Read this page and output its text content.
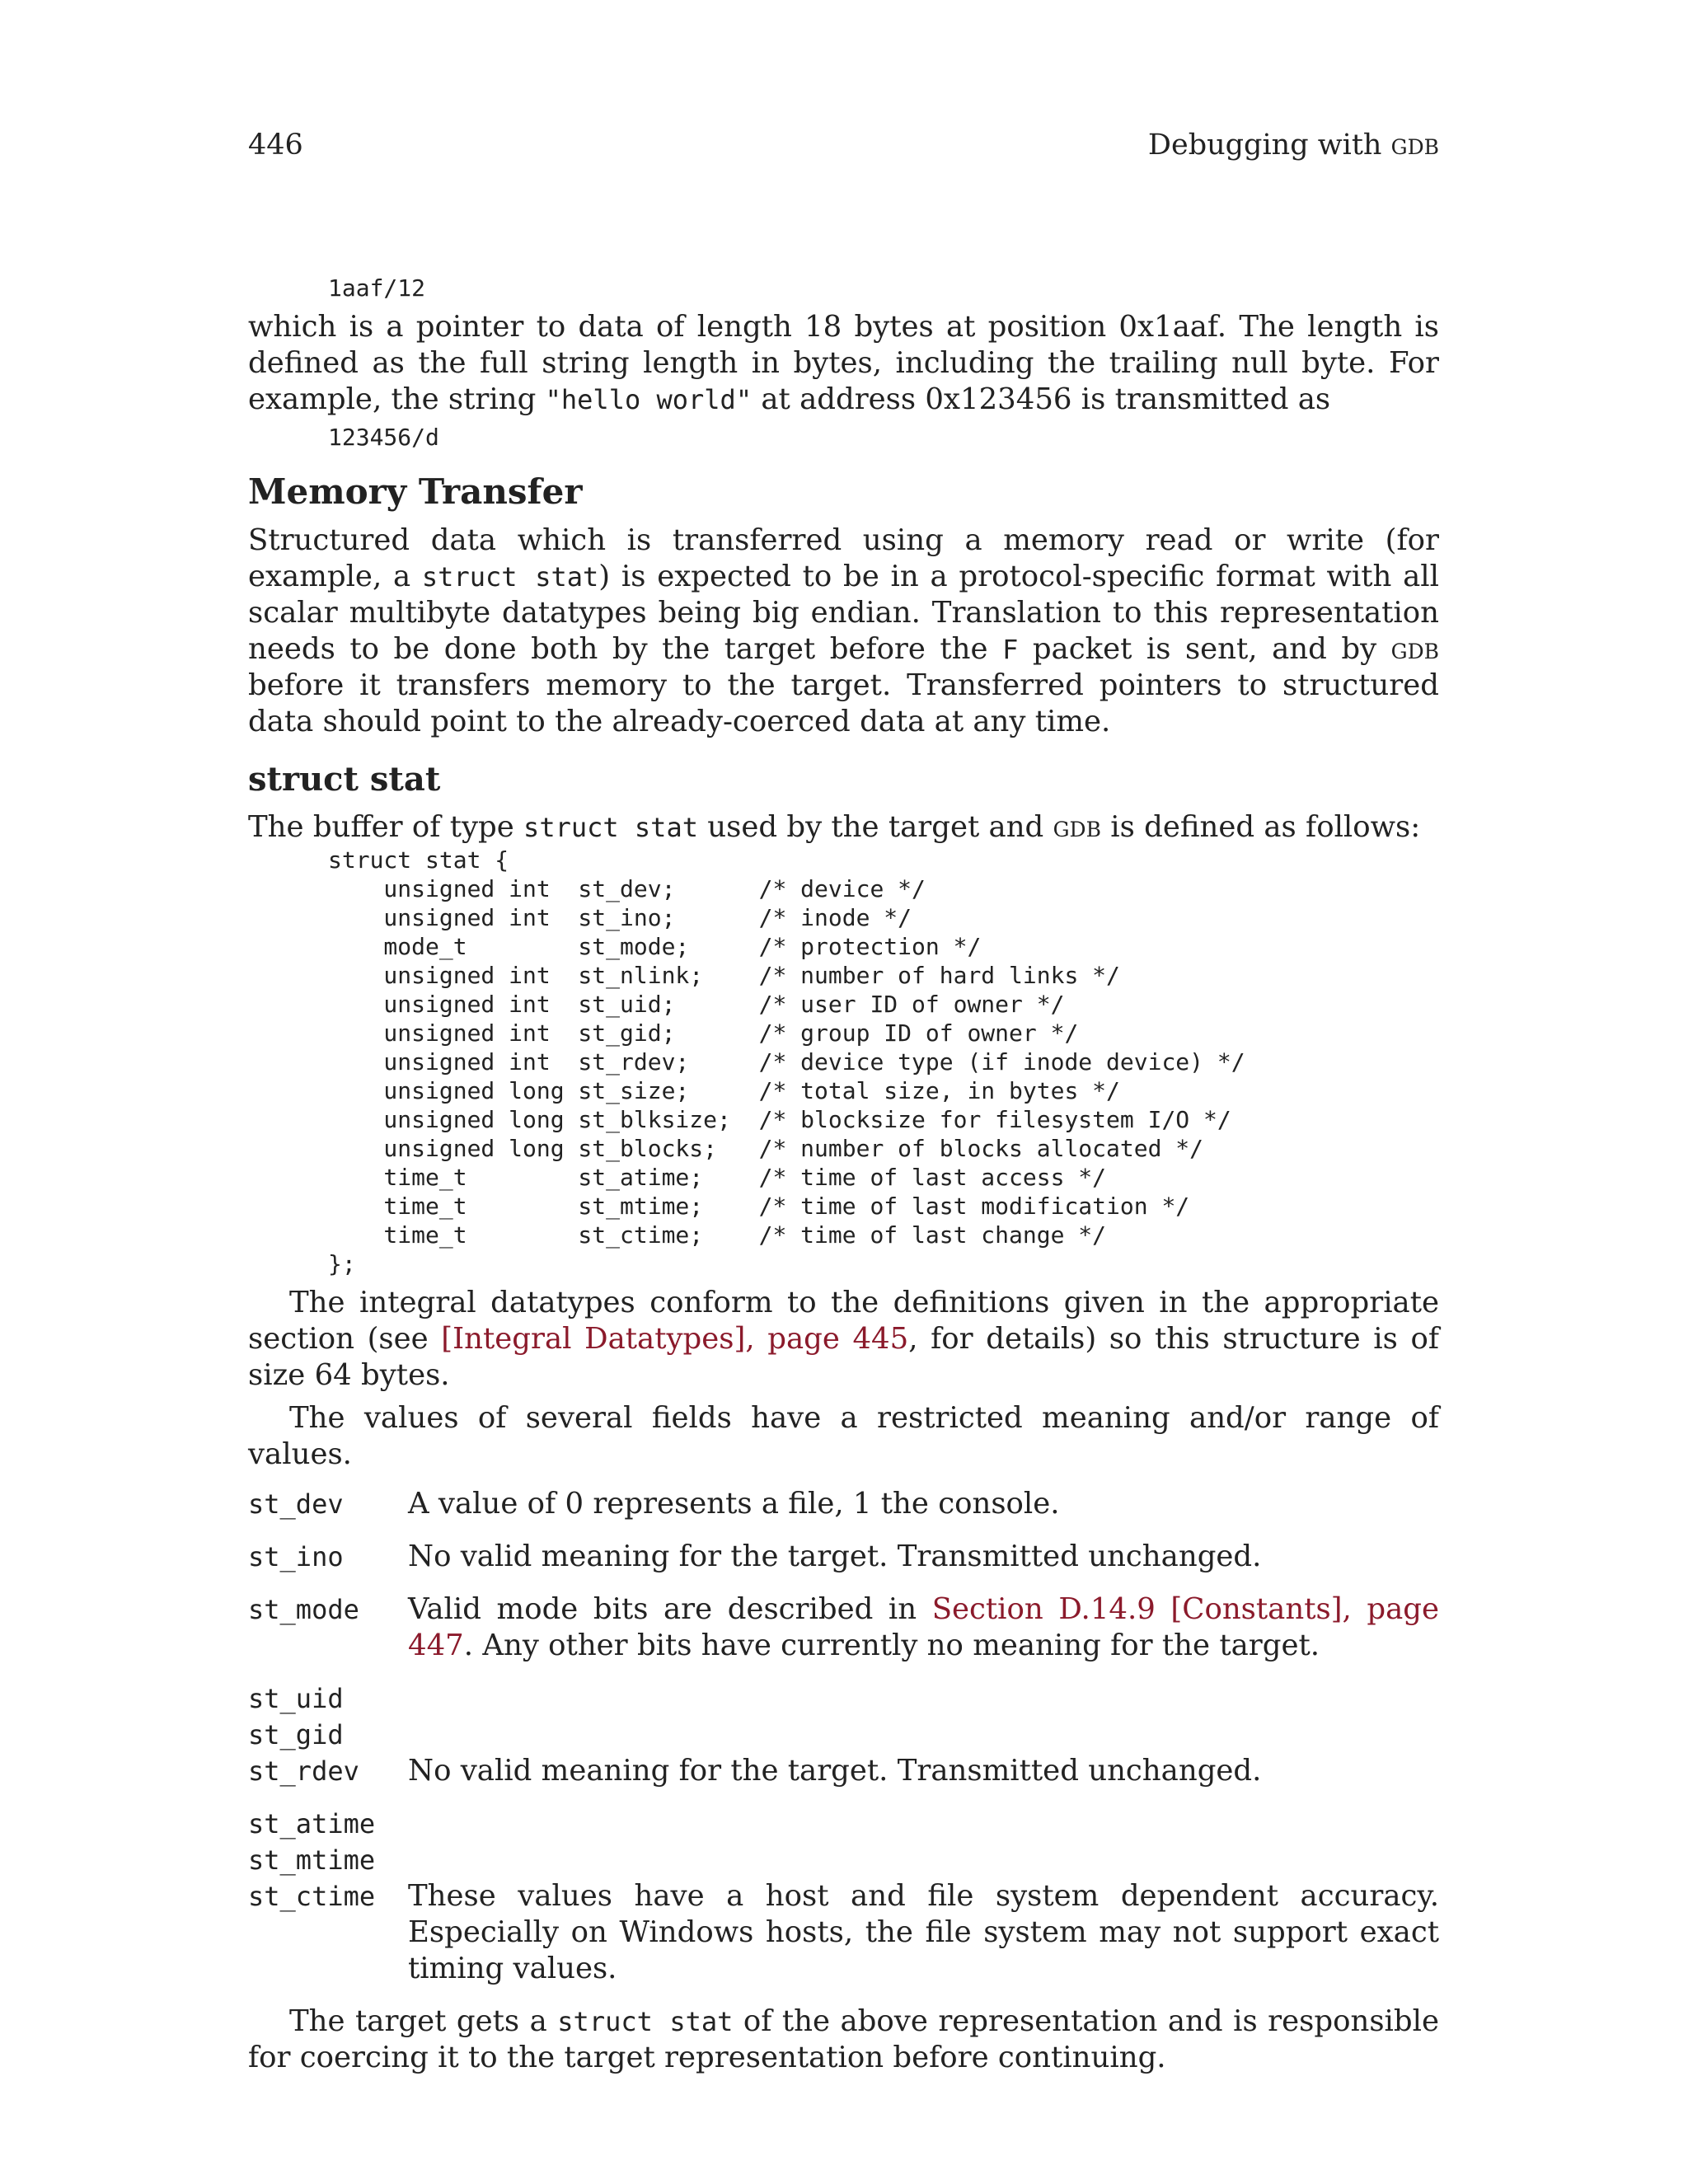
446	Debugging with gdb
1aaf/12

which is a pointer to data of length 18 bytes at position 0x1aaf. The length is defined as the full string length in bytes, including the trailing null byte. For example, the string "hello world" at address 0x123456 is transmitted as

123456/d
Memory Transfer

Structured data which is transferred using a memory read or write (for example, a struct stat) is expected to be in a protocol-specific format with all scalar multibyte datatypes being big endian. Translation to this representation needs to be done both by the target before the F packet is sent, and by gdb before it transfers memory to the target. Transferred pointers to structured data should point to the already-coerced data at any time.

struct stat

The buffer of type struct stat used by the target and gdb is defined as follows:

struct stat {
unsigned int  st_dev;      /* device */
unsigned int  st_ino;      /* inode */
mode_t        st_mode;     /* protection */
unsigned int  st_nlink;    /* number of hard links */
unsigned int  st_uid;      /* user ID of owner */
unsigned int  st_gid;      /* group ID of owner */
unsigned int  st_rdev;     /* device type (if inode device) */
unsigned long st_size;     /* total size, in bytes */
unsigned long st_blksize;  /* blocksize for filesystem I/O */
unsigned long st_blocks;   /* number of blocks allocated */
time_t        st_atime;    /* time of last access */
time_t        st_mtime;    /* time of last modification */
time_t        st_ctime;    /* time of last change */
};

The integral datatypes conform to the definitions given in the appropriate section (see [Integral Datatypes], page 445, for details) so this structure is of size 64 bytes.

The values of several fields have a restricted meaning and/or range of values.

st_dev	A value of 0 represents a file, 1 the console.
st_ino	No valid meaning for the target. Transmitted unchanged.
st_mode	Valid mode bits are described in Section D.14.9 [Constants], page 447. Any other bits have currently no meaning for the target.
st_uid
st_gid
st_rdev	No valid meaning for the target. Transmitted unchanged.
st_atime
st_mtime
st_ctime	These values have a host and file system dependent accuracy. Especially on Windows hosts, the file system may not support exact timing values.

The target gets a struct stat of the above representation and is responsible for coercing it to the target representation before continuing.
